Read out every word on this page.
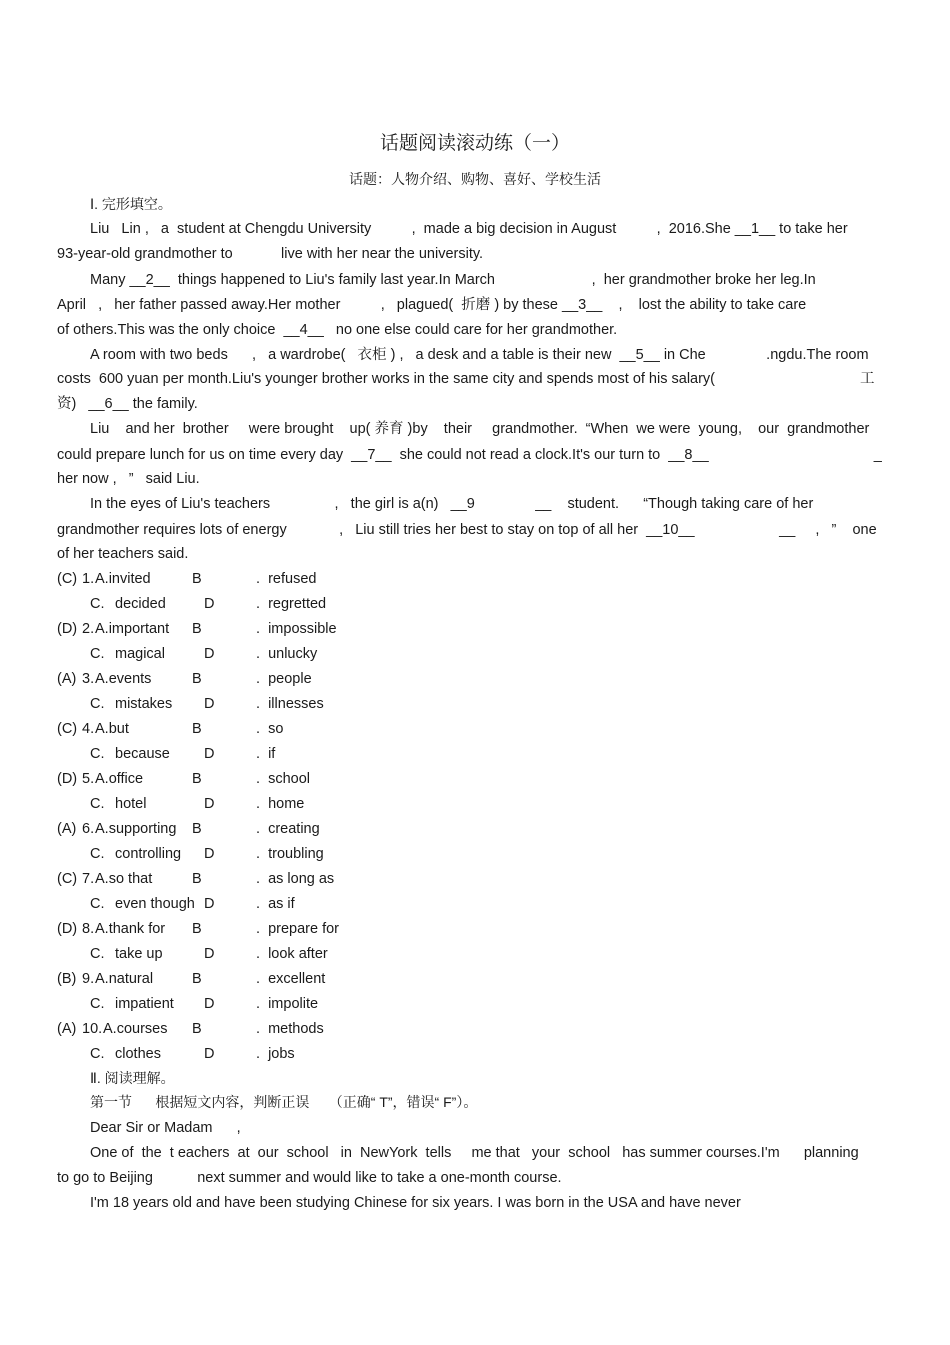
话题阅读滚动练（一）
话题：人物介绍、购物、喜好、学校生活
Ⅰ. 完形填空。
Liu   Lin ,   a  student at Chengdu University          ,  made a big decision in August          ,  2016.She __1__ to take her
93-year-old grandmother to            live with her near the university.
Many __2__  things happened to Liu's family last year.In March                        ,  her grandmother broke her leg.In
April   ,   her father passed away.Her mother          ,   plagued(  折磨 ) by these __3__    ,    lost the ability to take care
of others.This was the only choice  __4__   no one else could care for her grandmother.
A room with two beds      ,   a wardrobe(   衣柜 ) ,   a desk and a table is their new  __5__ in Che               .ngdu.The room
costs  600 yuan per month.Liu's younger brother works in the same city and spends most of his salary(                                    工
资)   __6__ the family.
Liu    and her  brother     were brought    up( 养育 )by    their     grandmother.  “When  we were  young,    our  grandmother
could prepare lunch for us on time every day  __7__  she could not read a clock.It's our turn to  __8__                                         _
her now ,   ”   said Liu.
In the eyes of Liu's teachers                ,   the girl is a(n)   __9               __    student.      “Though taking care of her
grandmother requires lots of energy             ,   Liu still tries her best to stay on top of all her  __10__                     __     ,   ”    one
of her teachers said.
(C) 1. A.invited	B	.  refused
C. decided	D	.  regretted
(D) 2. A.important B	.  impossible
C. magical	D	.  unlucky
(A) 3. A.events	B	.  people
C. mistakes D	.  illnesses
(C) 4. A.but	B	.  so
C. because D	.  if
(D) 5. A.office	B	.  school
C. hotel	D	.  home
(A) 6. A.supporting B	.  creating
C. controlling D	.  troubling
(C) 7. A.so that	B	.  as long as
C. even though D	.  as if
(D) 8. A.thank for B	.  prepare for
C. take up	D	.  look after
(B) 9. A.natural	B	.  excellent
C. impatient D	.  impolite
(A) 10. A.courses B	.  methods
C. clothes	D	.  jobs
Ⅱ. 阅读理解。
第一节      根据短文内容，判断正误     （正确“ T”，错误“ F”）。
Dear Sir or Madam      ,
One of  the  t eachers  at  our  school   in  NewYork  tells     me that   your  school   has summer courses.I'm      planning
to go to Beijing           next summer and would like to take a one-month course.
I'm 18 years old and have been studying Chinese for six years. I was born in the USA and have never
